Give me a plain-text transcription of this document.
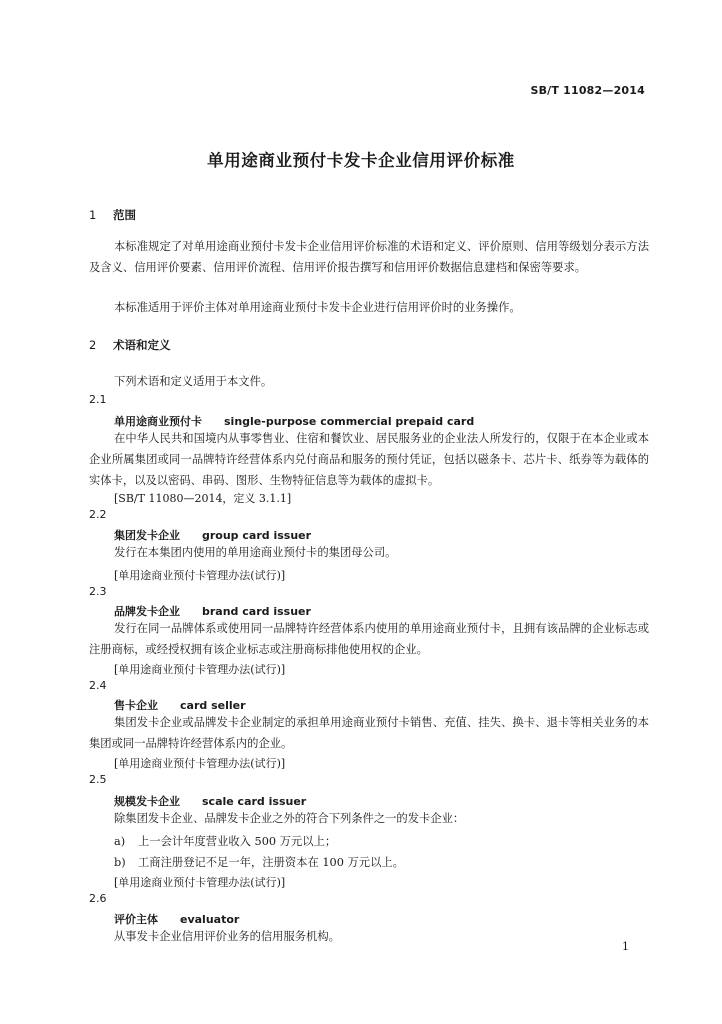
SB/T 11082—2014
单用途商业预付卡发卡企业信用评价标准
1 范围

本标准规定了对单用途商业预付卡发卡企业信用评价标准的术语和定义、评价原则、信用等级划分表示方法及含义、信用评价要素、信用评价流程、信用评价报告撰写和信用评价数据信息建档和保密等要求。

本标准适用于评价主体对单用途商业预付卡发卡企业进行信用评价时的业务操作。

2 术语和定义
下列术语和定义适用于本文件。
2.1
单用途商业预付卡 single-purpose commercial prepaid card

在中华人民共和国境内从事零售业、住宿和餐饮业、居民服务业的企业法人所发行的，仅限于在本企业或本企业所属集团或同一品牌特许经营体系内兑付商品和服务的预付凭证，包括以磁条卡、芯片卡、纸券等为载体的实体卡，以及以密码、串码、图形、生物特征信息等为载体的虚拟卡。

[SB/T 11080—2014，定义 3.1.1]
2.2
集团发卡企业 group card issuer

发行在本集团内使用的单用途商业预付卡的集团母公司。

[单用途商业预付卡管理办法(试行)]
2.3
品牌发卡企业 brand card issuer

发行在同一品牌体系或使用同一品牌特许经营体系内使用的单用途商业预付卡，且拥有该品牌的企业标志或注册商标，或经授权拥有该企业标志或注册商标排他使用权的企业。

[单用途商业预付卡管理办法(试行)]
2.4
售卡企业 card seller

集团发卡企业或品牌发卡企业制定的承担单用途商业预付卡销售、充值、挂失、换卡、退卡等相关业务的本集团或同一品牌特许经营体系内的企业。

[单用途商业预付卡管理办法(试行)]
2.5
规模发卡企业 scale card issuer

除集团发卡企业、品牌发卡企业之外的符合下列条件之一的发卡企业：

a) 上一会计年度营业收入 500 万元以上；
b) 工商注册登记不足一年，注册资本在 100 万元以上。
[单用途商业预付卡管理办法(试行)]
2.6
评价主体 evaluator

从事发卡企业信用评价业务的信用服务机构。

1
